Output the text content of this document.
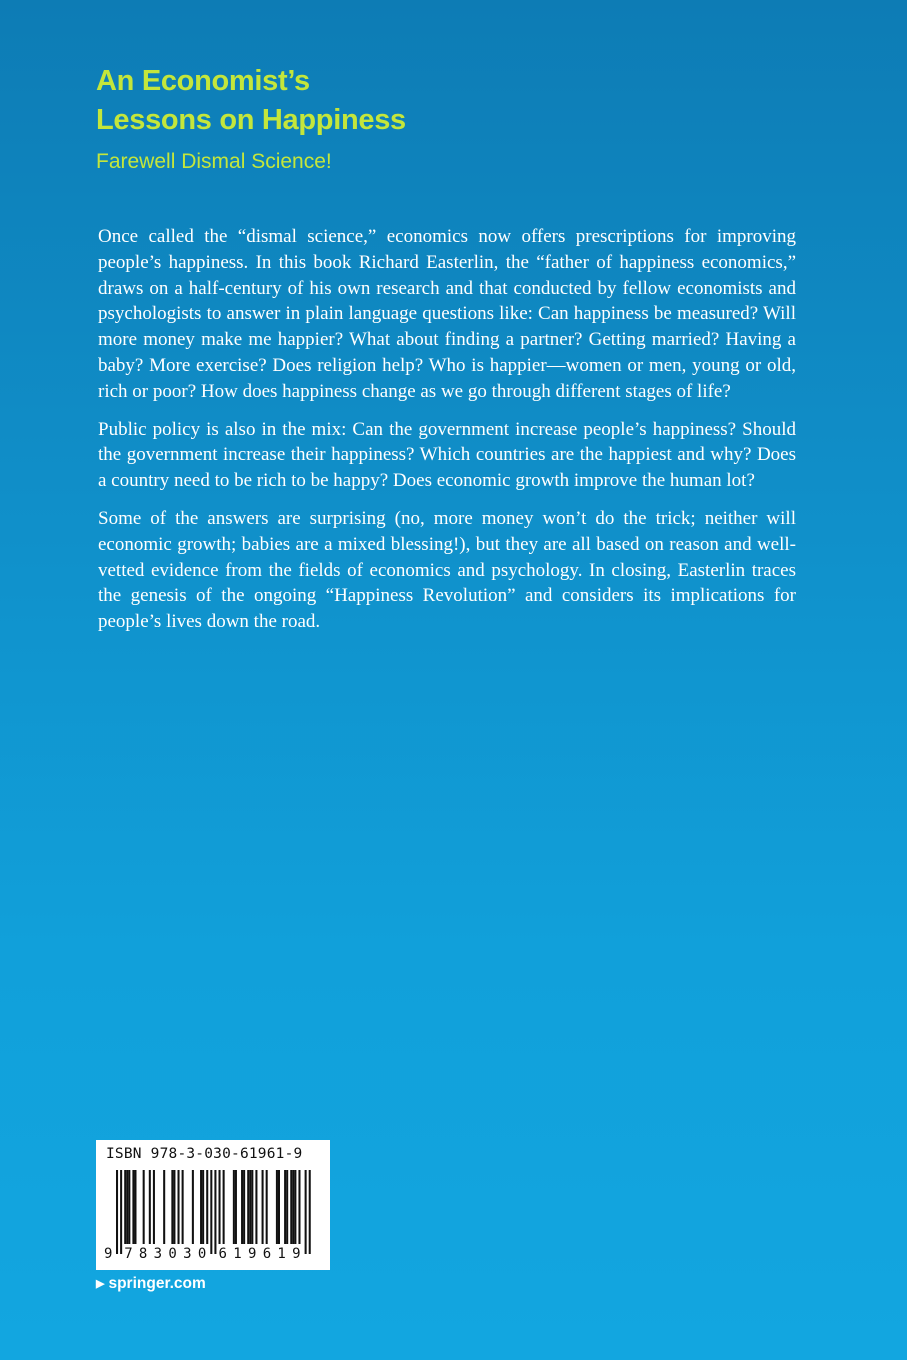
An Economist’s
Lessons on Happiness

Farewell Dismal Science!

Once called the “dismal science,” economics now offers prescriptions for improving people’s happiness. In this book Richard Easterlin, the “father of happiness economics,” draws on a half-century of his own research and that conducted by fellow economists and psychologists to answer in plain language questions like: Can happiness be measured? Will more money make me happier? What about finding a partner? Getting married? Having a baby? More exercise? Does religion help? Who is happier—women or men, young or old, rich or poor? How does happiness change as we go through different stages of life?

Public policy is also in the mix: Can the government increase people’s happiness? Should the government increase their happiness? Which countries are the happiest and why? Does a country need to be rich to be happy? Does economic growth improve the human lot?

Some of the answers are surprising (no, more money won’t do the trick; neither will economic growth; babies are a mixed blessing!), but they are all based on reason and well-vetted evidence from the fields of economics and psychology. In closing, Easterlin traces the genesis of the ongoing “Happiness Revolution” and considers its implications for people’s lives down the road.

ISBN 978-3-030-61961-9
9 783030 619619
▶ springer.com
